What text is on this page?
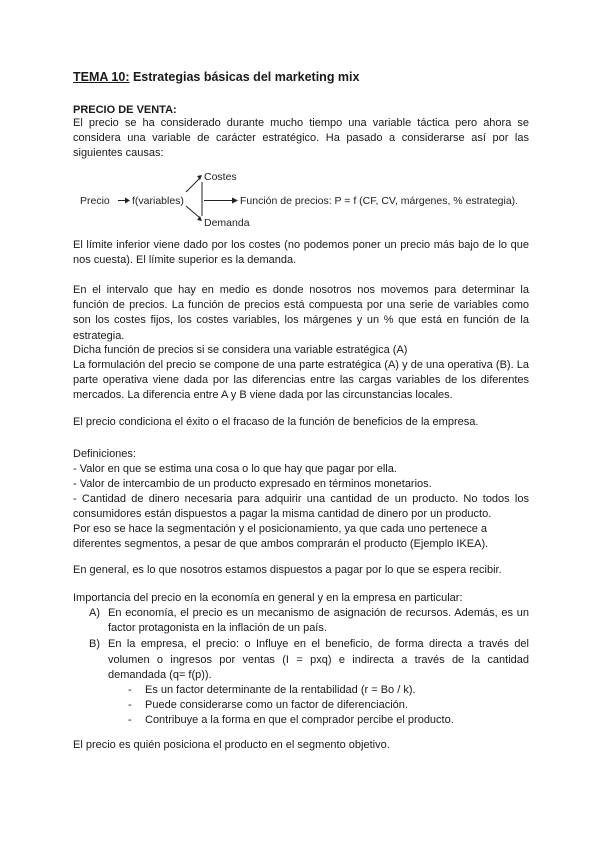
TEMA 10: Estrategias básicas del marketing mix
PRECIO DE VENTA:
El precio se ha considerado durante mucho tiempo una variable táctica pero ahora se considera una variable de carácter estratégico. Ha pasado a considerarse así por las siguientes causas:
Precio f(variables)
Costes
Demanda
Función de precios: P = f (CF, CV, márgenes, % estrategia).
El límite inferior viene dado por los costes (no podemos poner un precio más bajo de lo que nos cuesta). El límite superior es la demanda.
En el intervalo que hay en medio es donde nosotros nos movemos para determinar la función de precios. La función de precios está compuesta por una serie de variables como son los costes fijos, los costes variables, los márgenes y un % que está en función de la estrategia.
Dicha función de precios si se considera una variable estratégica (A)
La formulación del precio se compone de una parte estratégica (A) y de una operativa (B). La parte operativa viene dada por las diferencias entre las cargas variables de los diferentes mercados. La diferencia entre A y B viene dada por las circunstancias locales.
El precio condiciona el éxito o el fracaso de la función de beneficios de la empresa.
Definiciones:
- Valor en que se estima una cosa o lo que hay que pagar por ella.
- Valor de intercambio de un producto expresado en términos monetarios.
- Cantidad de dinero necesaria para adquirir una cantidad de un producto. No todos los consumidores están dispuestos a pagar la misma cantidad de dinero por un producto.
Por eso se hace la segmentación y el posicionamiento, ya que cada uno pertenece a diferentes segmentos, a pesar de que ambos comprarán el producto (Ejemplo IKEA).
En general, es lo que nosotros estamos dispuestos a pagar por lo que se espera recibir.
Importancia del precio en la economía en general y en la empresa en particular:
A) En economía, el precio es un mecanismo de asignación de recursos. Además, es un factor protagonista en la inflación de un país.
B) En la empresa, el precio: o Influye en el beneficio, de forma directa a través del volumen o ingresos por ventas (I = pxq) e indirecta a través de la cantidad demandada (q= f(p)).
- Es un factor determinante de la rentabilidad (r = Bo / k).
- Puede considerarse como un factor de diferenciación.
- Contribuye a la forma en que el comprador percibe el producto.
El precio es quién posiciona el producto en el segmento objetivo.
